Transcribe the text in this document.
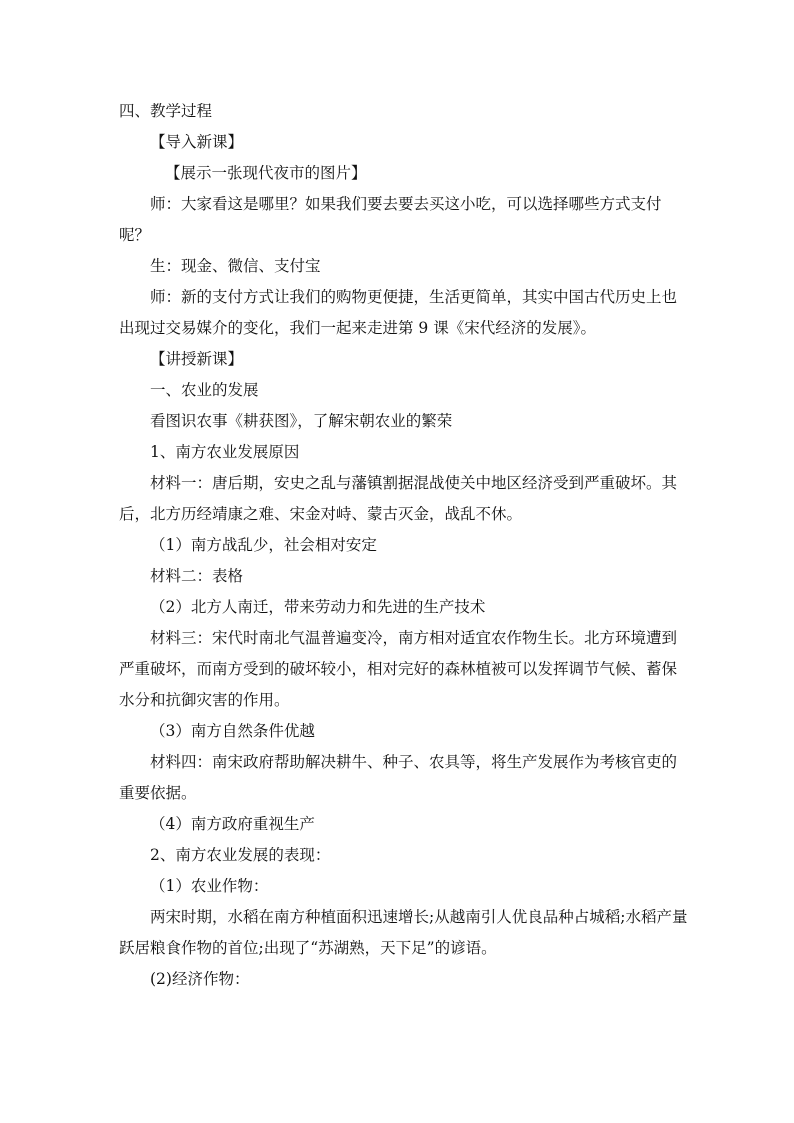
四、教学过程

【导入新课】

【展示一张现代夜市的图片】

师：大家看这是哪里？如果我们要去要去买这小吃，可以选择哪些方式支付呢？

生：现金、微信、支付宝

师：新的支付方式让我们的购物更便捷，生活更简单，其实中国古代历史上也出现过交易媒介的变化，我们一起来走进第 9 课《宋代经济的发展》。

【讲授新课】

一、农业的发展

看图识农事《耕获图》，了解宋朝农业的繁荣

1、南方农业发展原因

材料一：唐后期，安史之乱与藩镇割据混战使关中地区经济受到严重破坏。其后，北方历经靖康之难、宋金对峙、蒙古灭金，战乱不休。

（1）南方战乱少，社会相对安定

材料二：表格

（2）北方人南迁，带来劳动力和先进的生产技术

材料三：宋代时南北气温普遍变冷，南方相对适宜农作物生长。北方环境遭到严重破坏，而南方受到的破坏较小，相对完好的森林植被可以发挥调节气候、蓄保水分和抗御灾害的作用。

（3）南方自然条件优越

材料四：南宋政府帮助解决耕牛、种子、农具等，将生产发展作为考核官吏的重要依据。

（4）南方政府重视生产

2、南方农业发展的表现：

（1）农业作物：

两宋时期，水稻在南方种植面积迅速增长;从越南引人优良品种占城稻;水稻产量跃居粮食作物的首位;出现了“苏湖熟，天下足”的谚语。

(2)经济作物：
